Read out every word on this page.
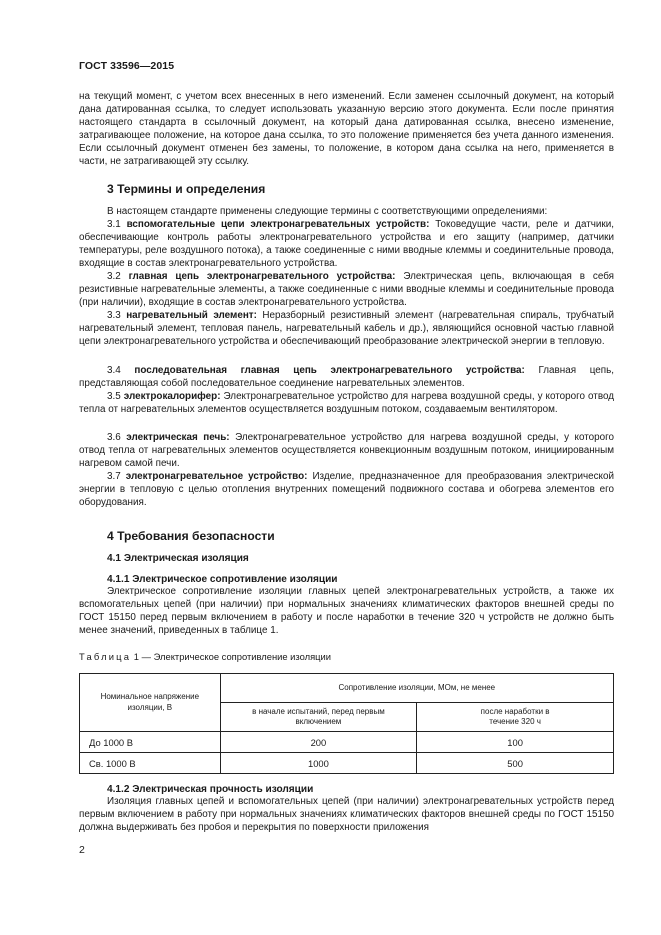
ГОСТ 33596—2015

на текущий момент, с учетом всех внесенных в него изменений. Если заменен ссылочный документ, на который дана датированная ссылка, то следует использовать указанную версию этого документа. Если после принятия настоящего стандарта в ссылочный документ, на который дана датированная ссылка, внесено изменение, затрагивающее положение, на которое дана ссылка, то это положение применяется без учета данного изменения. Если ссылочный документ отменен без замены, то положение, в котором дана ссылка на него, применяется в части, не затрагивающей эту ссылку.

3 Термины и определения

В настоящем стандарте применены следующие термины с соответствующими определениями:

3.1 вспомогательные цепи электронагревательных устройств: Токоведущие части, реле и датчики, обеспечивающие контроль работы электронагревательного устройства и его защиту (например, датчики температуры, реле воздушного потока), а также соединенные с ними вводные клеммы и соединительные провода, входящие в состав электронагревательного устройства.

3.2 главная цепь электронагревательного устройства: Электрическая цепь, включающая в себя резистивные нагревательные элементы, а также соединенные с ними вводные клеммы и соединительные провода (при наличии), входящие в состав электронагревательного устройства.

3.3 нагревательный элемент: Неразборный резистивный элемент (нагревательная спираль, трубчатый нагревательный элемент, тепловая панель, нагревательный кабель и др.), являющийся основной частью главной цепи электронагревательного устройства и обеспечивающий преобразование электрической энергии в тепловую.

3.4 последовательная главная цепь электронагревательного устройства: Главная цепь, представляющая собой последовательное соединение нагревательных элементов.

3.5 электрокалорифер: Электронагревательное устройство для нагрева воздушной среды, у которого отвод тепла от нагревательных элементов осуществляется воздушным потоком, создаваемым вентилятором.

3.6 электрическая печь: Электронагревательное устройство для нагрева воздушной среды, у которого отвод тепла от нагревательных элементов осуществляется конвекционным воздушным потоком, инициированным нагревом самой печи.

3.7 электронагревательное устройство: Изделие, предназначенное для преобразования электрической энергии в тепловую с целью отопления внутренних помещений подвижного состава и обогрева элементов его оборудования.

4 Требования безопасности
4.1 Электрическая изоляция
4.1.1 Электрическое сопротивление изоляции

Электрическое сопротивление изоляции главных цепей электронагревательных устройств, а также их вспомогательных цепей (при наличии) при нормальных значениях климатических факторов внешней среды по ГОСТ 15150 перед первым включением в работу и после наработки в течение 320 ч устройств не должно быть менее значений, приведенных в таблице 1.

Таблица 1 — Электрическое сопротивление изоляции
Номинальное напряжение изоляции, В	Сопротивление изоляции, МОм, не менее	
	в начале испытаний, перед первым включением	после наработки в течение 320 ч
До 1000 В	200	100
Св. 1000 В	1000	500
4.1.2 Электрическая прочность изоляции

Изоляция главных цепей и вспомогательных цепей (при наличии) электронагревательных устройств перед первым включением в работу при нормальных значениях климатических факторов внешней среды по ГОСТ 15150 должна выдерживать без пробоя и перекрытия по поверхности приложения

2
